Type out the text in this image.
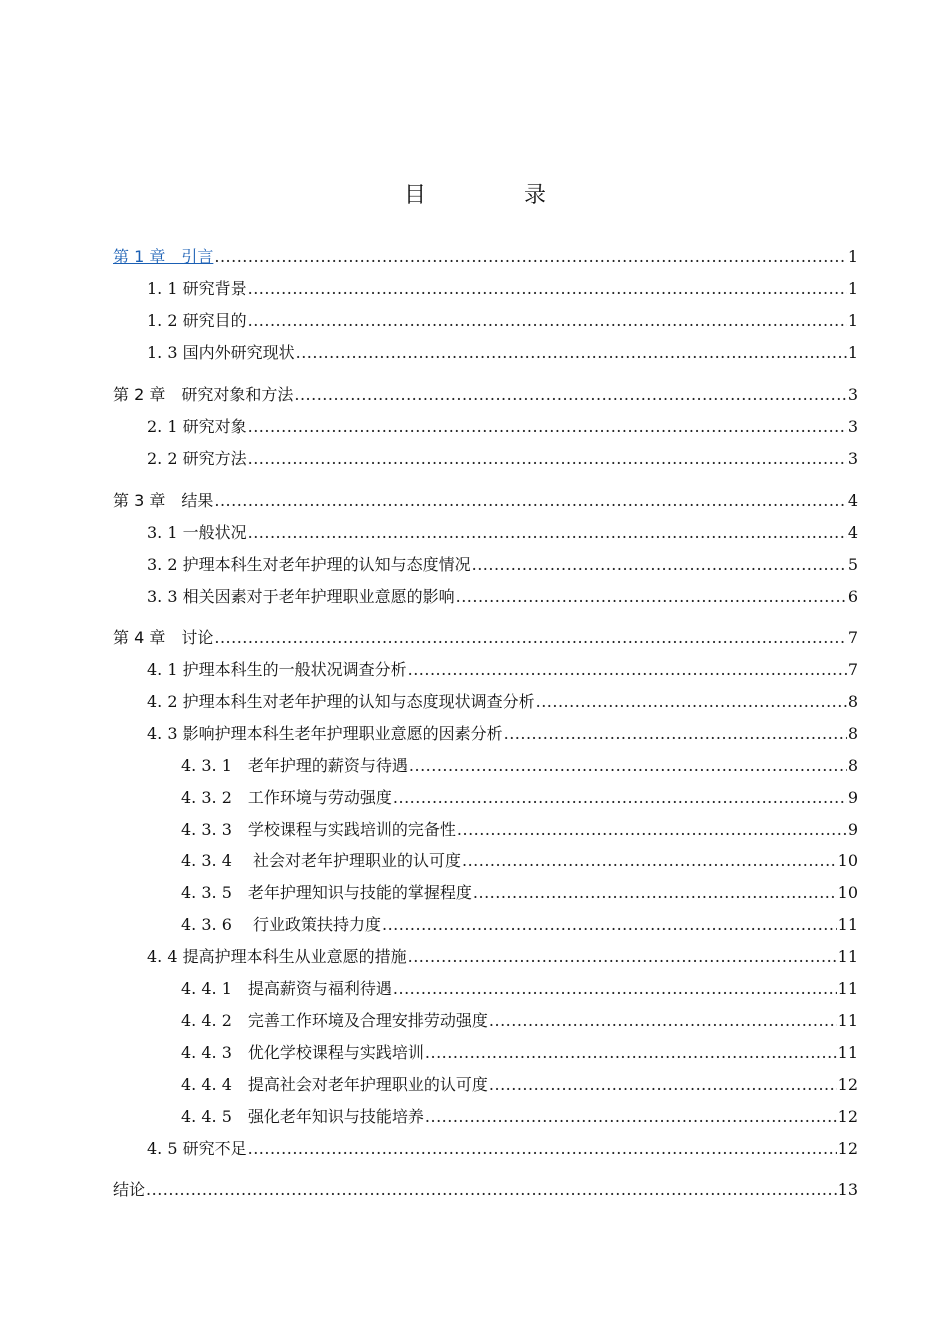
目　录
第 1 章　引言 .....	1
1. 1 研究背景 .....	1
1. 2 研究目的 .....	1
1. 3 国内外研究现状 .....	1
第 2 章　研究对象和方法 .....	3
2. 1 研究对象 .....	3
2. 2 研究方法 .....	3
第 3 章　结果 .....	4
3. 1 一般状况 .....	4
3. 2 护理本科生对老年护理的认知与态度情况 .....	5
3. 3 相关因素对于老年护理职业意愿的影响 .....	6
第 4 章　讨论 .....	7
4. 1 护理本科生的一般状况调查分析 .....	7
4. 2 护理本科生对老年护理的认知与态度现状调查分析 .....	8
4. 3 影响护理本科生老年护理职业意愿的因素分析 .....	8
4. 3. 1　老年护理的薪资与待遇 .....	8
4. 3. 2　工作环境与劳动强度 .....	9
4. 3. 3　学校课程与实践培训的完备性 .....	9
4. 3. 4　 社会对老年护理职业的认可度 .....	10
4. 3. 5　老年护理知识与技能的掌握程度 .....	10
4. 3. 6　 行业政策扶持力度 .....	11
4. 4 提高护理本科生从业意愿的措施 .....	11
4. 4. 1　提高薪资与福利待遇 .....	11
4. 4. 2　完善工作环境及合理安排劳动强度 .....	11
4. 4. 3　优化学校课程与实践培训 .....	11
4. 4. 4　提高社会对老年护理职业的认可度 .....	12
4. 4. 5　强化老年知识与技能培养 .....	12
4. 5 研究不足 .....	12
结论 .....	13
